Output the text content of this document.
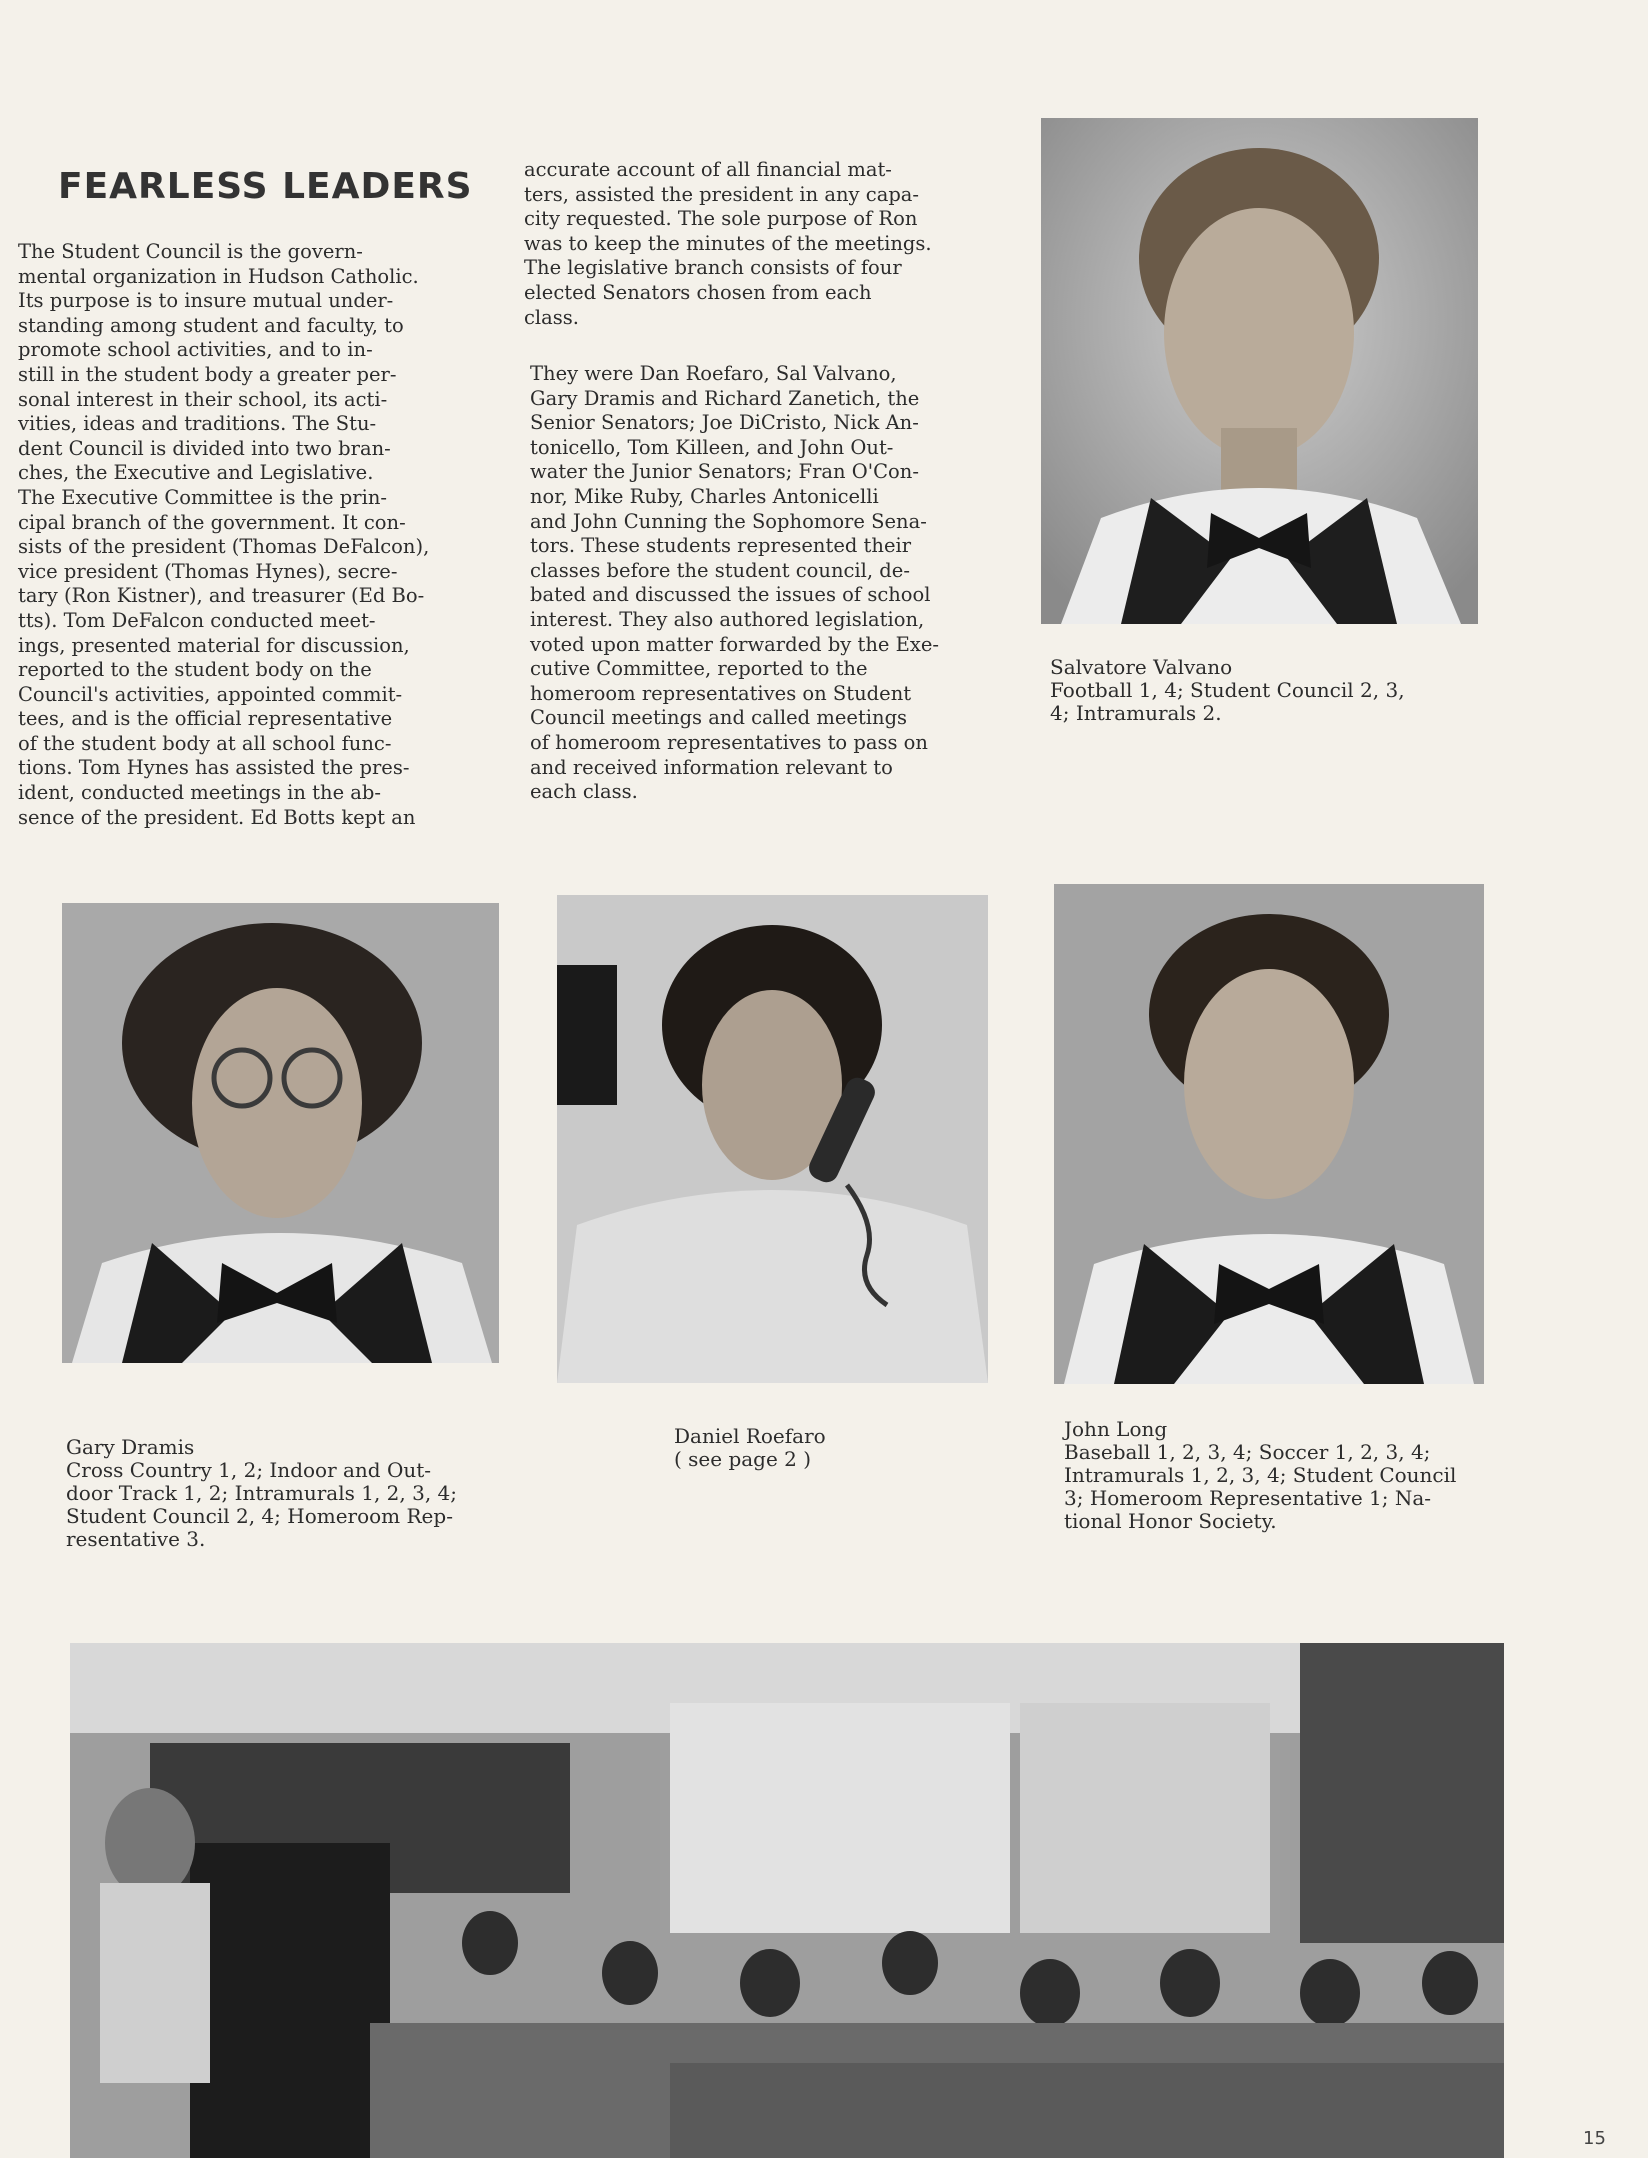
FEARLESS LEADERS
The Student Council is the govern-
mental organization in Hudson Catholic.
Its purpose is to insure mutual under-
standing among student and faculty, to
promote school activities, and to in-
still in the student body a greater per-
sonal interest in their school, its acti-
vities, ideas and traditions. The Stu-
dent Council is divided into two bran-
ches, the Executive and Legislative.
The Executive Committee is the prin-
cipal branch of the government. It con-
sists of the president (Thomas DeFalcon),
vice president (Thomas Hynes), secre-
tary (Ron Kistner), and treasurer (Ed Bo-
tts). Tom DeFalcon conducted meet-
ings, presented material for discussion,
reported to the student body on the
Council's activities, appointed commit-
tees, and is the official representative
of the student body at all school func-
tions. Tom Hynes has assisted the pres-
ident, conducted meetings in the ab-
sence of the president. Ed Botts kept an
accurate account of all financial mat-
ters, assisted the president in any capa-
city requested. The sole purpose of Ron
was to keep the minutes of the meetings.
The legislative branch consists of four
elected Senators chosen from each
class.
They were Dan Roefaro, Sal Valvano,
Gary Dramis and Richard Zanetich, the
Senior Senators; Joe DiCristo, Nick An-
tonicello, Tom Killeen, and John Out-
water the Junior Senators; Fran O'Con-
nor, Mike Ruby, Charles Antonicelli
and John Cunning the Sophomore Sena-
tors. These students represented their
classes before the student council, de-
bated and discussed the issues of school
interest. They also authored legislation,
voted upon matter forwarded by the Exe-
cutive Committee, reported to the
homeroom representatives on Student
Council meetings and called meetings
of homeroom representatives to pass on
and received information relevant to
each class.
Salvatore Valvano
Football 1, 4; Student Council 2, 3,
4; Intramurals 2.
Gary Dramis
Cross Country 1, 2; Indoor and Out-
door Track 1, 2; Intramurals 1, 2, 3, 4;
Student Council 2, 4; Homeroom Rep-
resentative 3.
Daniel Roefaro
( see page 2 )
John Long
Baseball 1, 2, 3, 4; Soccer 1, 2, 3, 4;
Intramurals 1, 2, 3, 4; Student Council
3; Homeroom Representative 1; Na-
tional Honor Society.
15
